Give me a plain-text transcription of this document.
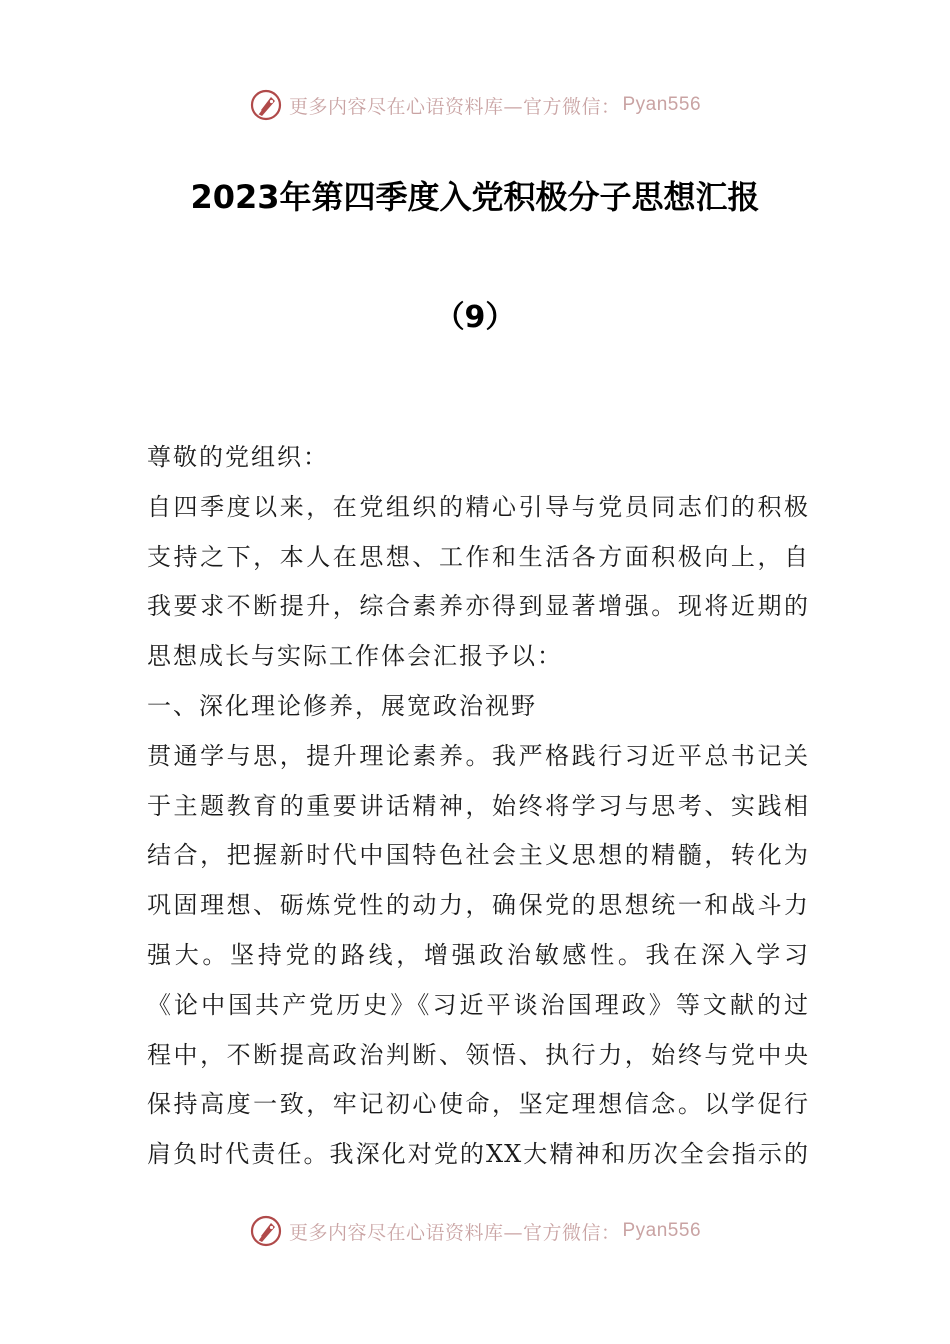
更多内容尽在心语资料库—官方微信： Pyan556
2023年第四季度入党积极分子思想汇报
（9）
尊敬的党组织：
自四季度以来，在党组织的精心引导与党员同志们的积极
支持之下，本人在思想、工作和生活各方面积极向上，自
我要求不断提升，综合素养亦得到显著增强。现将近期的
思想成长与实际工作体会汇报予以：
一、深化理论修养，展宽政治视野
贯通学与思，提升理论素养。我严格践行习近平总书记关
于主题教育的重要讲话精神，始终将学习与思考、实践相
结合，把握新时代中国特色社会主义思想的精髓，转化为
巩固理想、砺炼党性的动力，确保党的思想统一和战斗力
强大。坚持党的路线，增强政治敏感性。我在深入学习
《论中国共产党历史》《习近平谈治国理政》等文献的过
程中，不断提高政治判断、领悟、执行力，始终与党中央
保持高度一致，牢记初心使命，坚定理想信念。以学促行
肩负时代责任。我深化对党的XX大精神和历次全会指示的
更多内容尽在心语资料库—官方微信： Pyan556
